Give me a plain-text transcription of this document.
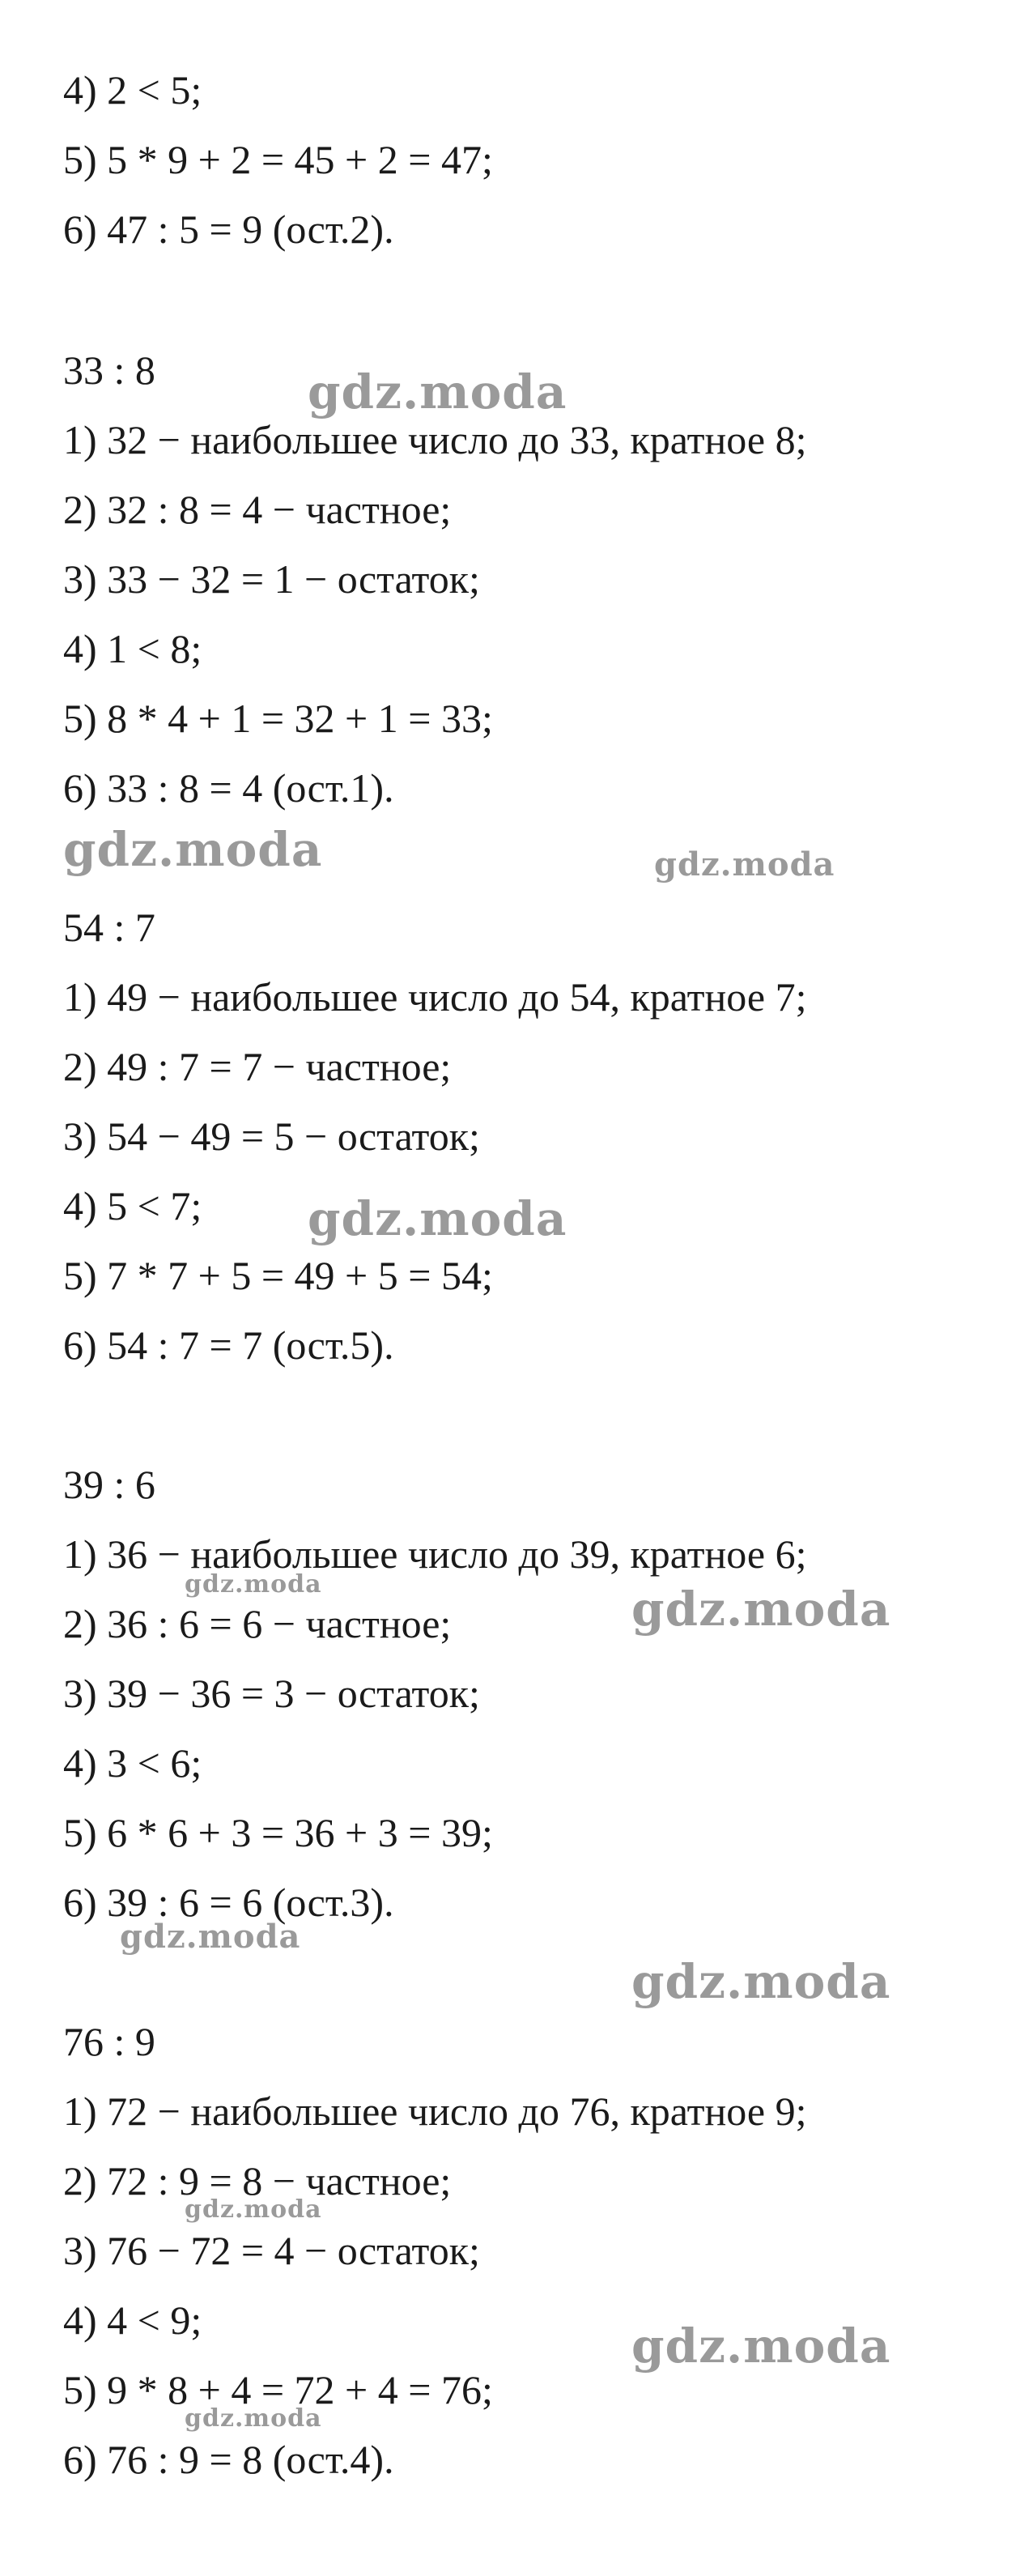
4) 2 < 5;
5) 5 * 9 + 2 = 45 + 2 = 47;
6) 47 : 5 = 9 (ост.2).
33 : 8
1) 32 − наибольшее число до 33, кратное 8;
2) 32 : 8 = 4 − частное;
3) 33 − 32 = 1 − остаток;
4) 1 < 8;
5) 8 * 4 + 1 = 32 + 1 = 33;
6) 33 : 8 = 4 (ост.1).
54 : 7
1) 49 − наибольшее число до 54, кратное 7;
2) 49 : 7 = 7 − частное;
3) 54 − 49 = 5 − остаток;
4) 5 < 7;
5) 7 * 7 + 5 = 49 + 5 = 54;
6) 54 : 7 = 7 (ост.5).
39 : 6
1) 36 − наибольшее число до 39, кратное 6;
2) 36 : 6 = 6 − частное;
3) 39 − 36 = 3 − остаток;
4) 3 < 6;
5) 6 * 6 + 3 = 36 + 3 = 39;
6) 39 : 6 = 6 (ост.3).
76 : 9
1) 72 − наибольшее число до 76, кратное 9;
2) 72 : 9 = 8 − частное;
3) 76 − 72 = 4 − остаток;
4) 4 < 9;
5) 9 * 8 + 4 = 72 + 4 = 76;
6) 76 : 9 = 8 (ост.4).
gdz.moda
gdz.moda	gdz.moda
gdz.moda
gdz.moda	gdz.moda
gdz.moda
gdz.moda
gdz.moda
gdz.moda
gdz.moda
